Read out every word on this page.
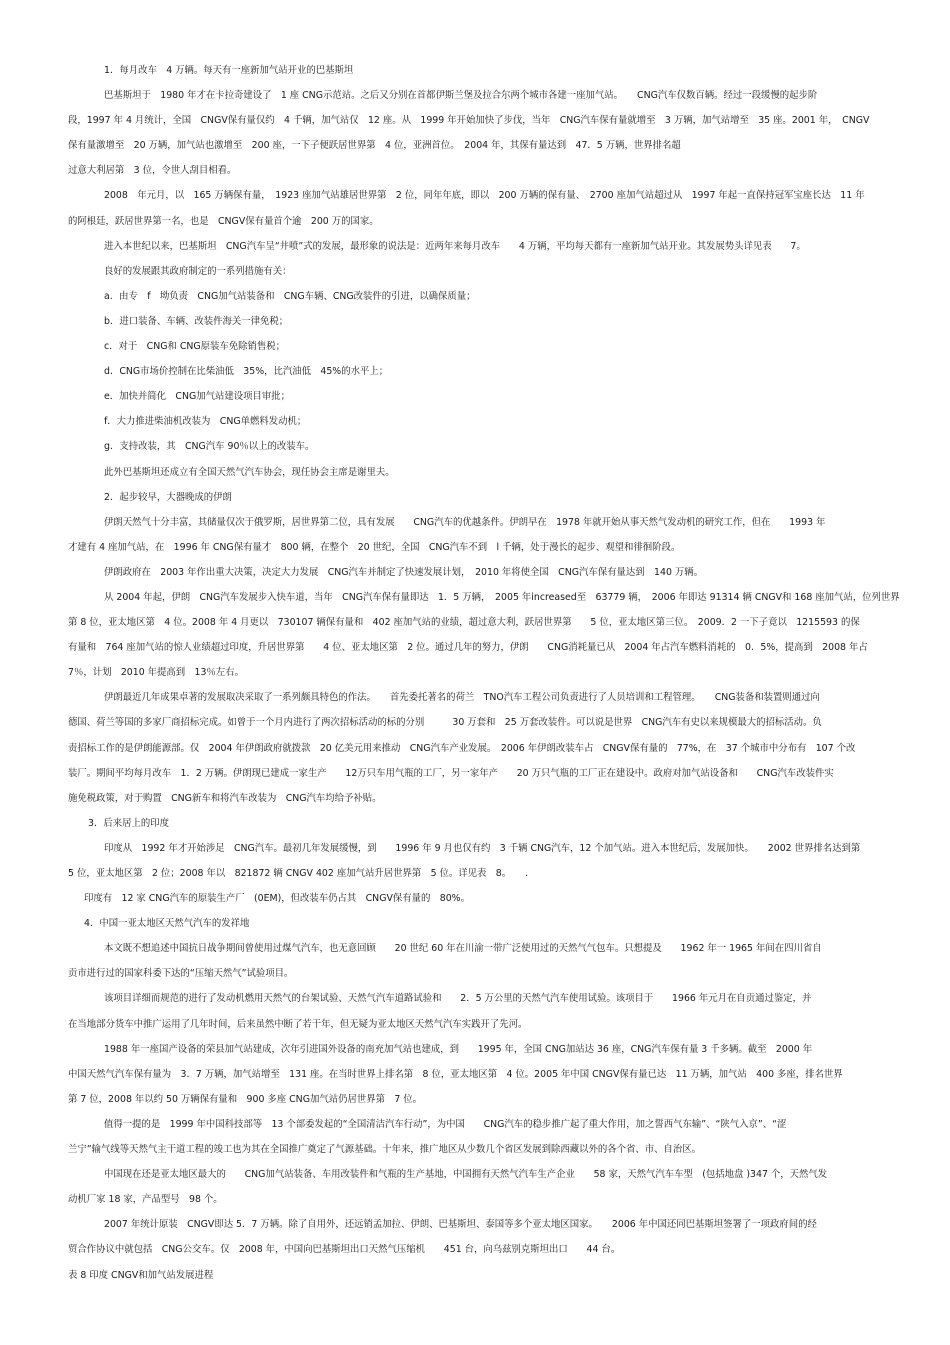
1．每月改车　4 万辆。每天有一座新加气站开业的巴基斯坦

巴基斯坦于　1980 年才在卡拉奇建设了　1 座 CNG示范站。之后又分别在首都伊斯兰堡及拉合尔两个城市各建一座加气站。　　CNG汽车仅数百辆。经过一段缓慢的起步阶

段，1997 年 4 月统计，全国　CNGV保有量仅约　4 千辆，加气站仅　12 座。从　1999 年开始加快了步伐，当年　CNG汽车保有量就增至　3 万辆，加气站增至　35 座。2001 年，　CNGV

保有量激增至　20 万辆，加气站也激增至　200 座，一下子便跃居世界第　4 位，亚洲首位。　2004 年，其保有量达到　47．5 万辆，世界排名超

过意大利居第　3 位，令世人刮目相看。

2008　年元月，以　165 万辆保有量，　1923 座加气站雄居世界第　2 位，同年年底，即以　200 万辆的保有量、　2700 座加气站超过从　1997 年起一直保持冠军宝座长达　11 年

的阿根廷，跃居世界第一名，也是　CNGV保有量首个逾　200 万的国家。

进入本世纪以来，巴基斯坦　CNG汽车呈“井喷”式的发展，最形象的说法是：近两年来每月改车　　4 万辆，平均每天都有一座新加气站开业。其发展势头详见表　　7。

良好的发展跟其政府制定的一系列措施有关：

a．由专　f　坳负责　CNG加气站装备和　CNG车辆、CNG改装件的引进，以确保质量；

b．进口装备、车辆、改装件海关一律免税；

c．对于　CNG和 CNG原装车免除销售税；

d．CNG市场价控制在比柴油低　35%，比汽油低　45%的水平上；

e．加快并简化　CNG加气站建设项目审批；

f．大力推进柴油机改装为　CNG单燃料发动机；

g．支持改装，其　CNG汽车 90％以上的改装车。

此外巴基斯坦还成立有全国天然气汽车协会，现任协会主席是谢里夫。

2．起步较早，大器晚成的伊朗

伊朗天然气十分丰富，其储量仅次于俄罗斯，居世界第二位，具有发展　　CNG汽车的优越条件。伊朗早在　1978 年就开始从事天然气发动机的研究工作，但在　　1993 年

才建有 4 座加气站，在　1996 年 CNG保有量才　800 辆，在整个　20 世纪，全国　CNG汽车不到　l 千辆，处于漫长的起步、观望和徘徊阶段。

伊朗政府在　2003 年作出重大决策，决定大力发展　CNG汽车并制定了快速发展计划，　2010 年将使全国　CNG汽车保有量达到　140 万辆。

从 2004 年起，伊朗　CNG汽车发展步入快车道，当年　CNG汽车保有量即达　1．5 万辆，　2005 年increased至　63779 辆，　2006 年即达 91314 辆 CNGV和 168 座加气站，位列世界

第 8 位，亚太地区第　4 位。2008 年 4 月更以　730107 辆保有量和　402 座加气站的业绩，超过意大利，跃居世界第　　5 位，亚太地区第三位。　2009．2 一下子竟以　1215593 的保

有量和　764 座加气站的惊人业绩超过印度，升居世界第　　4 位、亚太地区第　2 位。通过几年的努力，伊朗　　CNG消耗量已从　2004 年占汽车燃料消耗的　0．5%，提高到　2008 年占

7％，计划　2010 年提高到　13％左右。

伊朗最近几年成果卓著的发展取决采取了一系列颇具特色的作法。　　首先委托著名的荷兰　TNO汽车工程公司负责进行了人员培训和工程管理。　　CNG装备和装置则通过向

德国、荷兰等国的多家厂商招标完成。如曾于一个月内进行了两次招标活动的标的分别　　　30 万套和　25 万套改装件。可以说是世界　CNG汽车有史以来规模最大的招标活动。负

责招标工作的是伊朗能源部。仅　2004 年伊朗政府就拨款　20 亿美元用来推动　CNG汽车产业发展。　2006 年伊朗改装车占　CNGV保有量的　77%，在　37 个城市中分布有　107 个改

装厂。期间平均每月改车　1．2 万辆。伊朗现已建成一家生产　　12万只车用气瓶的工厂，另一家年产　　20 万只气瓶的工厂正在建设中。政府对加气站设备和　　CNG汽车改装件实

施免税政策，对于购置　CNG新车和将汽车改装为　CNG汽车均给予补贴。

3．后来居上的印度

印度从　1992 年才开始涉足　CNG汽车。最初几年发展缓慢，到　　1996 年 9 月也仅有约　3 千辆 CNG汽车，12 个加气站。进入本世纪后，发展加快。　　2002 世界排名达到第

5 位，亚太地区第　2 位；2008 年以　821872 辆 CNGV 402 座加气站升居世界第　5 位。详见表　8。　　.

印度有　12 家 CNG汽车的原装生产厂　(0EM)，但改装车仍占其　CNGV保有量的　80%。

4．中国一亚太地区天然气汽车的发祥地

本文既不想追述中国抗日战争期间曾使用过煤气汽车，也无意回顾　　20 世纪 60 年在川渝一带广泛使用过的天然气气包车。只想提及　　1962 年一 1965 年间在四川省自

贡市进行过的国家科委下达的“压缩天然气”试验项目。

该项目详细而规范的进行了发动机燃用天然气的台架试验、天然气汽车道路试验和　　2．5 万公里的天然气汽车使用试验。该项目于　　1966 年元月在自贡通过鉴定，并

在当地部分货车中推广运用了几年时间，后来虽然中断了若干年，但无疑为亚太地区天然气汽车实践开了先河。

1988 年一座国产设备的荣县加气站建成，次年引进国外设备的南充加气站也建成，到　　1995 年，全国 CNG加站达 36 座，CNG汽车保有量 3 千多辆。截至　2000 年

中国天然气汽车保有量为　3．7 万辆，加气站增至　131 座。在当时世界上排名第　8 位，亚太地区第　4 位。2005 年中国 CNGV保有量已达　11 万辆，加气站　400 多座，排名世界

第 7 位，2008 年以约 50 万辆保有量和　900 多座 CNG加气站仍居世界第　7 位。

值得一提的是　1999 年中国科技部等　13 个部委发起的“全国清洁汽车行动”，为中国　　CNG汽车的稳步推广起了重大作用，加之誓西气东输”、“陕气入京”、“涩

兰宁”输气线等天然气主干道工程的竣工也为其在全国推广奠定了气源基础。十年来，推广地区从少数几个省区发展到除西藏以外的各个省、市、自治区。

中国现在还是亚太地区最大的　　CNG加气站装备、车用改装件和气瓶的生产基地，中国拥有天然气汽车生产企业　　58 家，天然气汽车车型　(包括地盘 )347 个，天然气发

动机厂家 18 家，产品型号　98 个。

2007 年统计原装　CNGV即达 5．7 万辆。除了自用外，还远销孟加拉、伊朗、巴基斯坦、泰国等多个亚太地区国家。　　2006 年中国还同巴基斯坦签署了一项政府间的经

贸合作协议中就包括　CNG公交车。仅　2008 年，中国向巴基斯坦出口天然气压缩机　　451 台，向乌兹别克斯坦出口　　44 台。

表 8 印度 CNGV和加气站发展进程
